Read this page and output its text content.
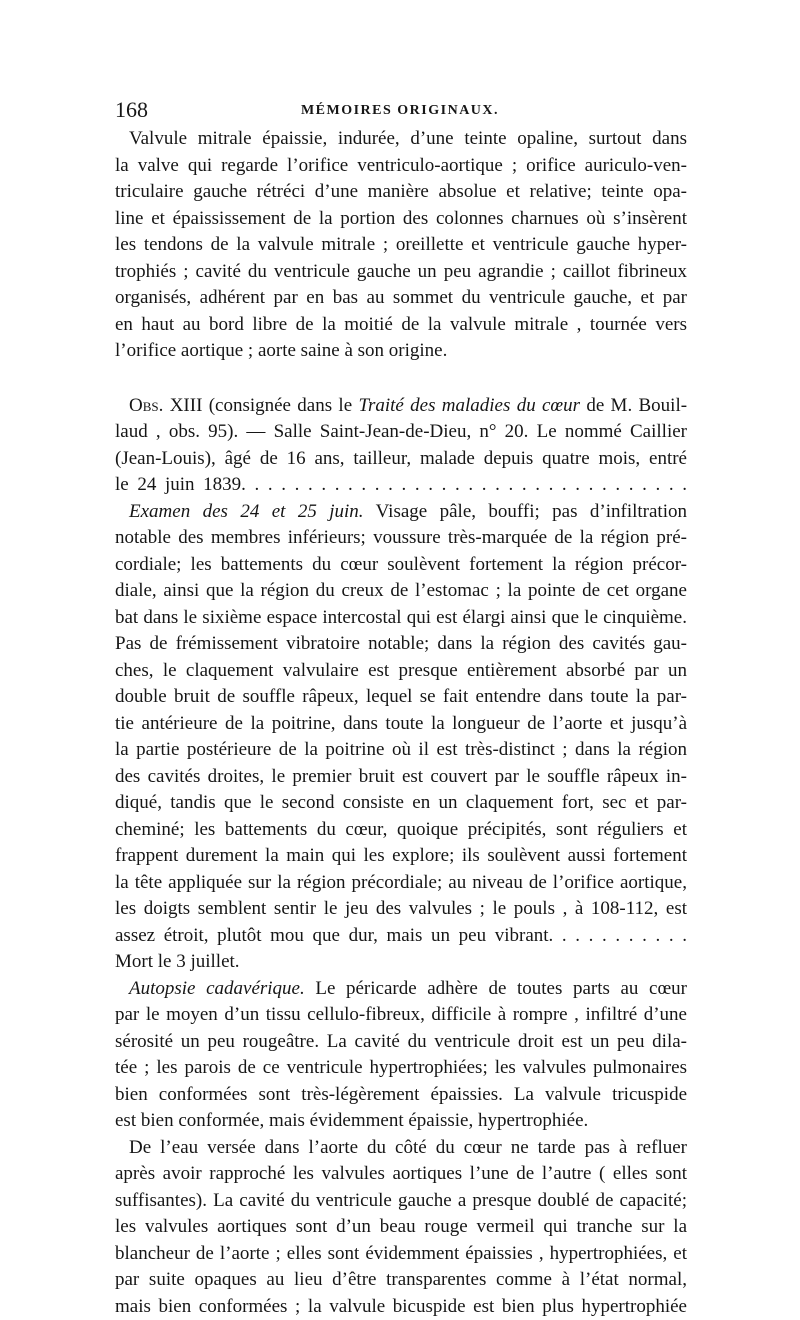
168	MÉMOIRES ORIGINAUX.
Valvule mitrale épaissie, indurée, d’une teinte opaline, surtout dans
la valve qui regarde l’orifice ventriculo-aortique ; orifice auriculo-ven-
triculaire gauche rétréci d’une manière absolue et relative; teinte opa-
line et épaississement de la portion des colonnes charnues où s’insèrent
les tendons de la valvule mitrale ; oreillette et ventricule gauche hyper-
trophiés ; cavité du ventricule gauche un peu agrandie ; caillot fibrineux
organisés, adhérent par en bas au sommet du ventricule gauche, et par
en haut au bord libre de la moitié de la valvule mitrale , tournée vers
l’orifice aortique ; aorte saine à son origine.
Obs. XIII (consignée dans le Traité des maladies du cœur de M. Bouil-
laud , obs. 95). — Salle Saint-Jean-de-Dieu, n° 20. Le nommé Caillier
(Jean-Louis), âgé de 16 ans, tailleur, malade depuis quatre mois, entré
le 24 juin 1839. . . . . . . . . . . . . . . . . . . . . . . . . . . . . . . . . .
Examen des 24 et 25 juin. Visage pâle, bouffi; pas d’infiltration
notable des membres inférieurs; voussure très-marquée de la région pré-
cordiale; les battements du cœur soulèvent fortement la région précor-
diale, ainsi que la région du creux de l’estomac ; la pointe de cet organe
bat dans le sixième espace intercostal qui est élargi ainsi que le cinquième.
Pas de frémissement vibratoire notable; dans la région des cavités gau-
ches, le claquement valvulaire est presque entièrement absorbé par un
double bruit de souffle râpeux, lequel se fait entendre dans toute la par-
tie antérieure de la poitrine, dans toute la longueur de l’aorte et jusqu’à
la partie postérieure de la poitrine où il est très-distinct ; dans la région
des cavités droites, le premier bruit est couvert par le souffle râpeux in-
diqué, tandis que le second consiste en un claquement fort, sec et par-
cheminé; les battements du cœur, quoique précipités, sont réguliers et
frappent durement la main qui les explore; ils soulèvent aussi fortement
la tête appliquée sur la région précordiale; au niveau de l’orifice aortique,
les doigts semblent sentir le jeu des valvules ; le pouls , à 108-112, est
assez étroit, plutôt mou que dur, mais un peu vibrant. . . . . . . . . . .
Mort le 3 juillet.
Autopsie cadavérique. Le péricarde adhère de toutes parts au cœur
par le moyen d’un tissu cellulo-fibreux, difficile à rompre , infiltré d’une
sérosité un peu rougeâtre. La cavité du ventricule droit est un peu dila-
tée ; les parois de ce ventricule hypertrophiées; les valvules pulmonaires
bien conformées sont très-légèrement épaissies. La valvule tricuspide
est bien conformée, mais évidemment épaissie, hypertrophiée.
De l’eau versée dans l’aorte du côté du cœur ne tarde pas à refluer
après avoir rapproché les valvules aortiques l’une de l’autre ( elles sont
suffisantes). La cavité du ventricule gauche a presque doublé de capacité;
les valvules aortiques sont d’un beau rouge vermeil qui tranche sur la
blancheur de l’aorte ; elles sont évidemment épaissies , hypertrophiées, et
par suite opaques au lieu d’être transparentes comme à l’état normal,
mais bien conformées ; la valvule bicuspide est bien plus hypertrophiée
